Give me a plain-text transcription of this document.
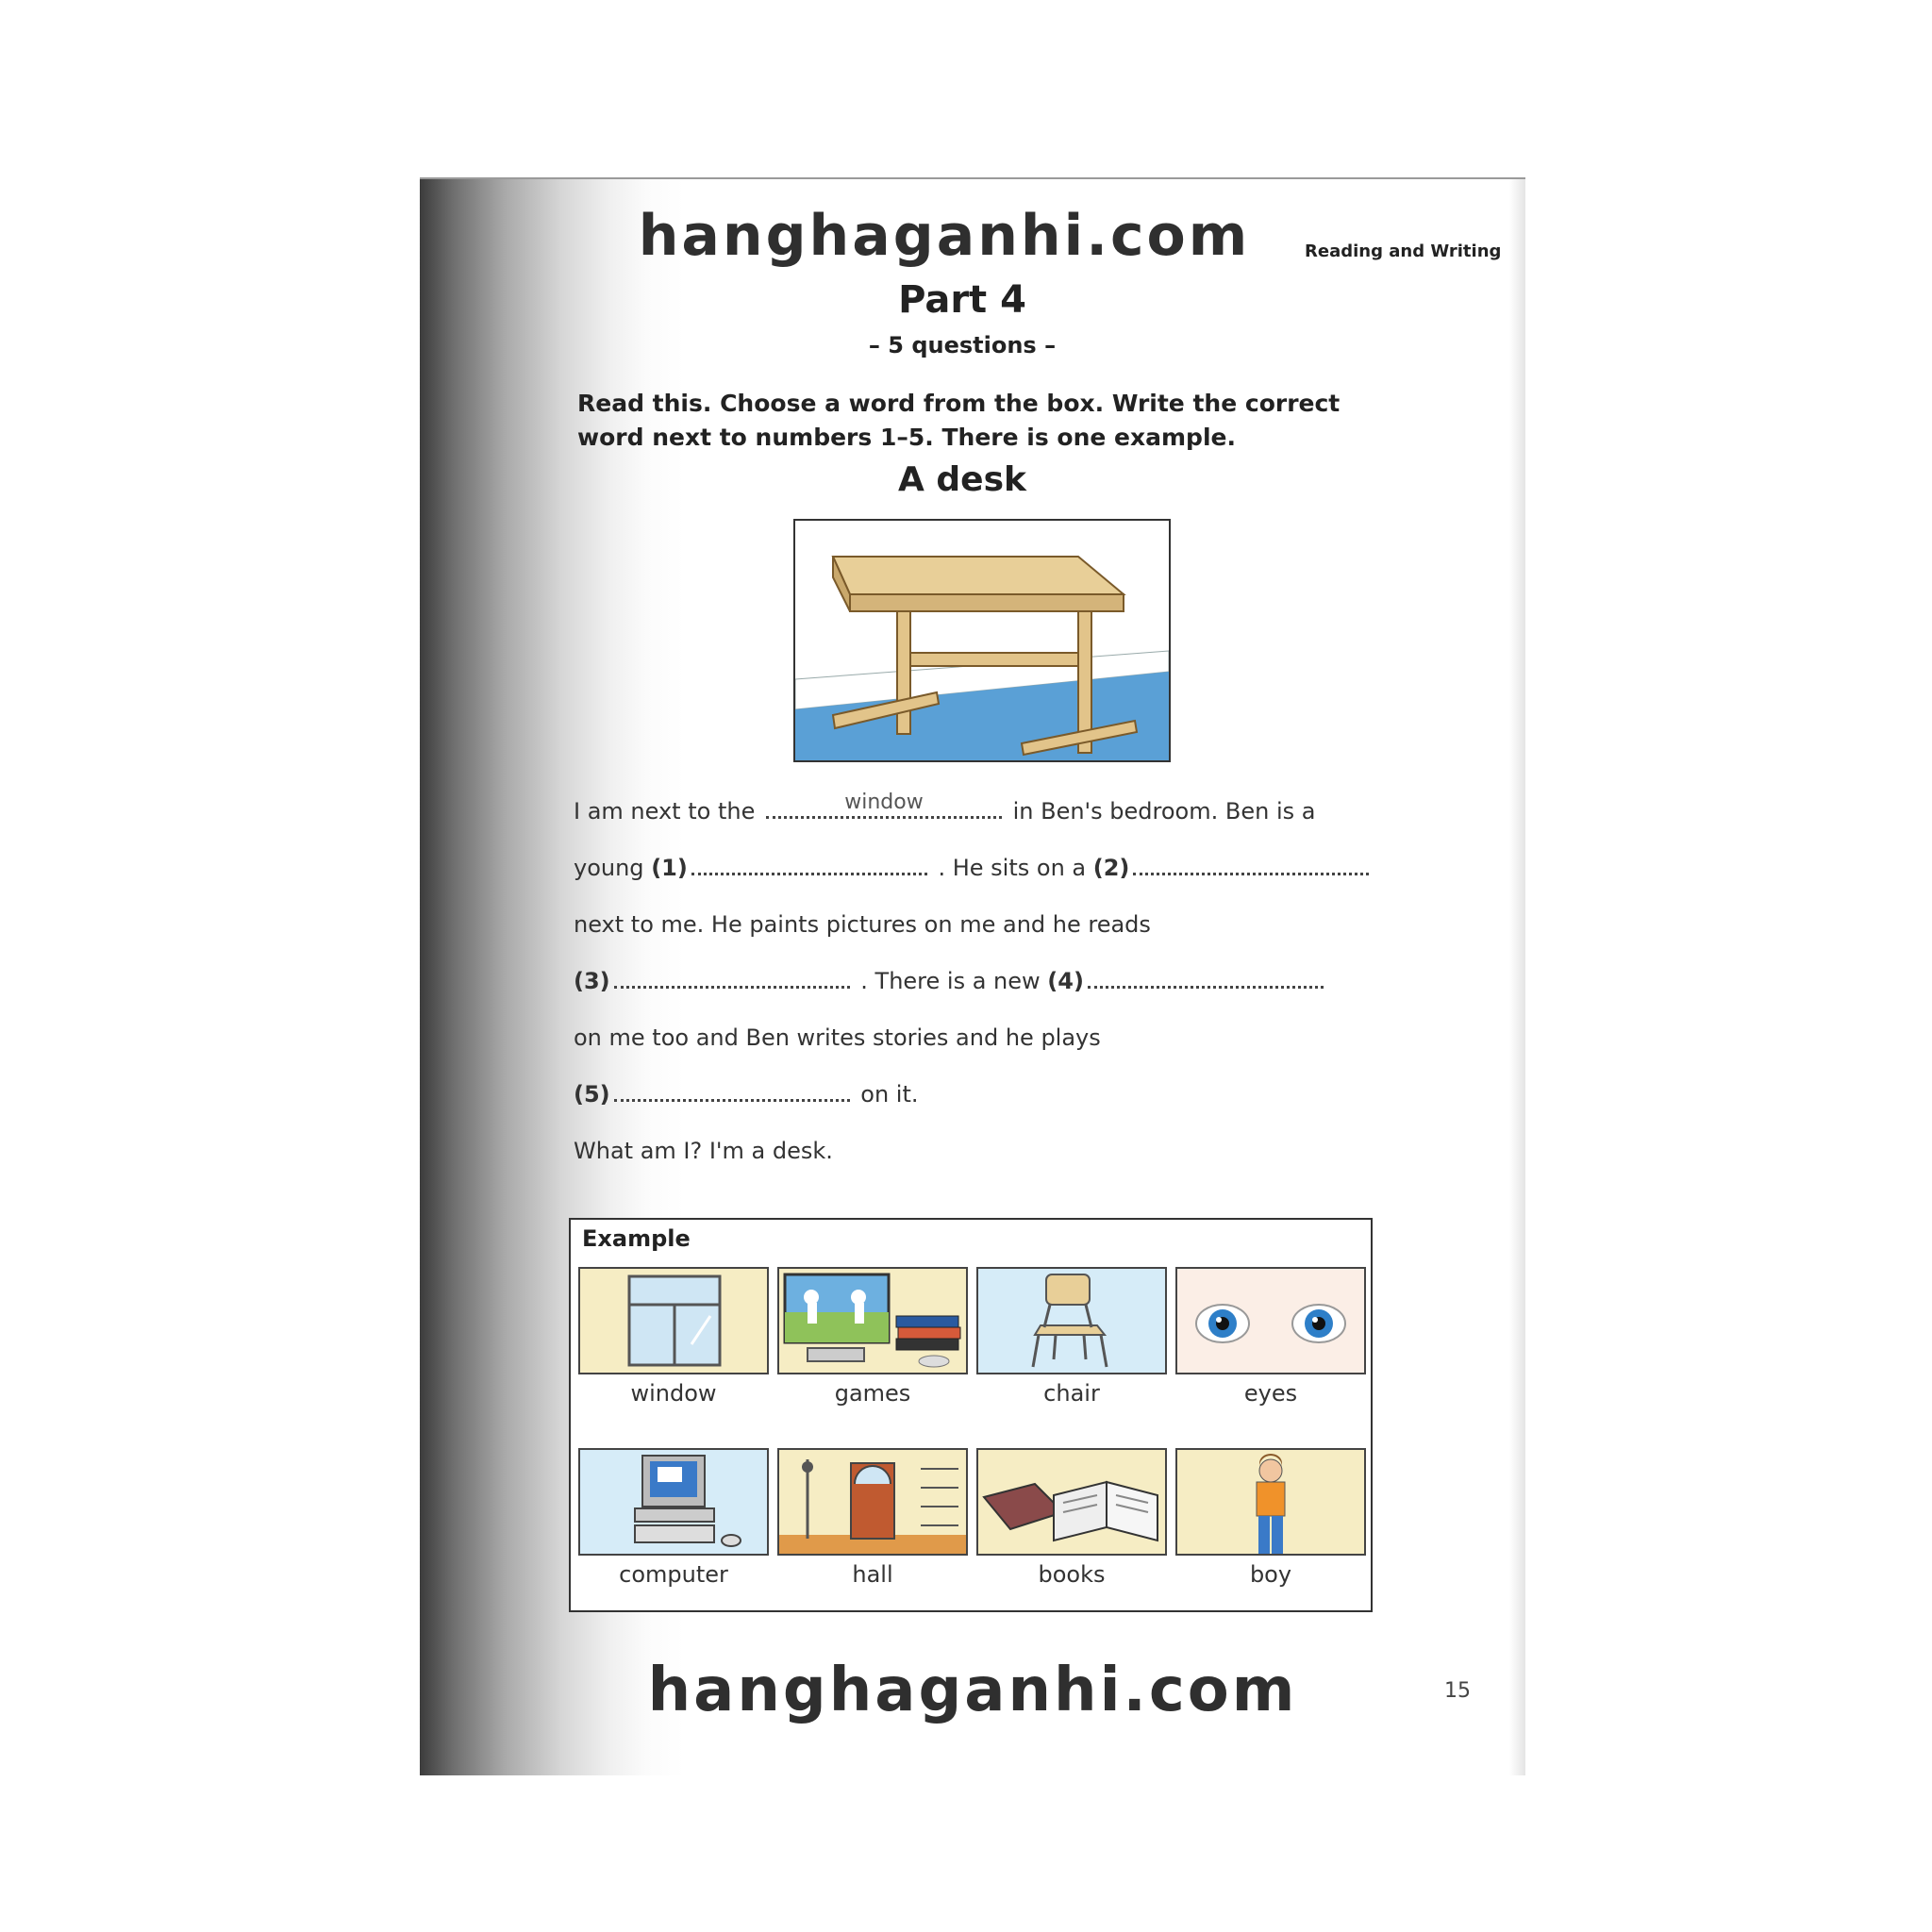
hanghaganhi.com	Reading and Writing
Part 4
– 5 questions –
Read this. Choose a word from the box. Write the correct word next to numbers 1–5. There is one example.
A desk
I am next to the	window	in Ben's bedroom. Ben is a
young (1)	. He sits on a (2)
next to me. He paints pictures on me and he reads
(3)	. There is a new (4)
on me too and Ben writes stories and he plays
(5)	on it.
What am I? I'm a desk.
Example
window	games	chair	eyes
computer	hall	books	boy
15
hanghaganhi.com
